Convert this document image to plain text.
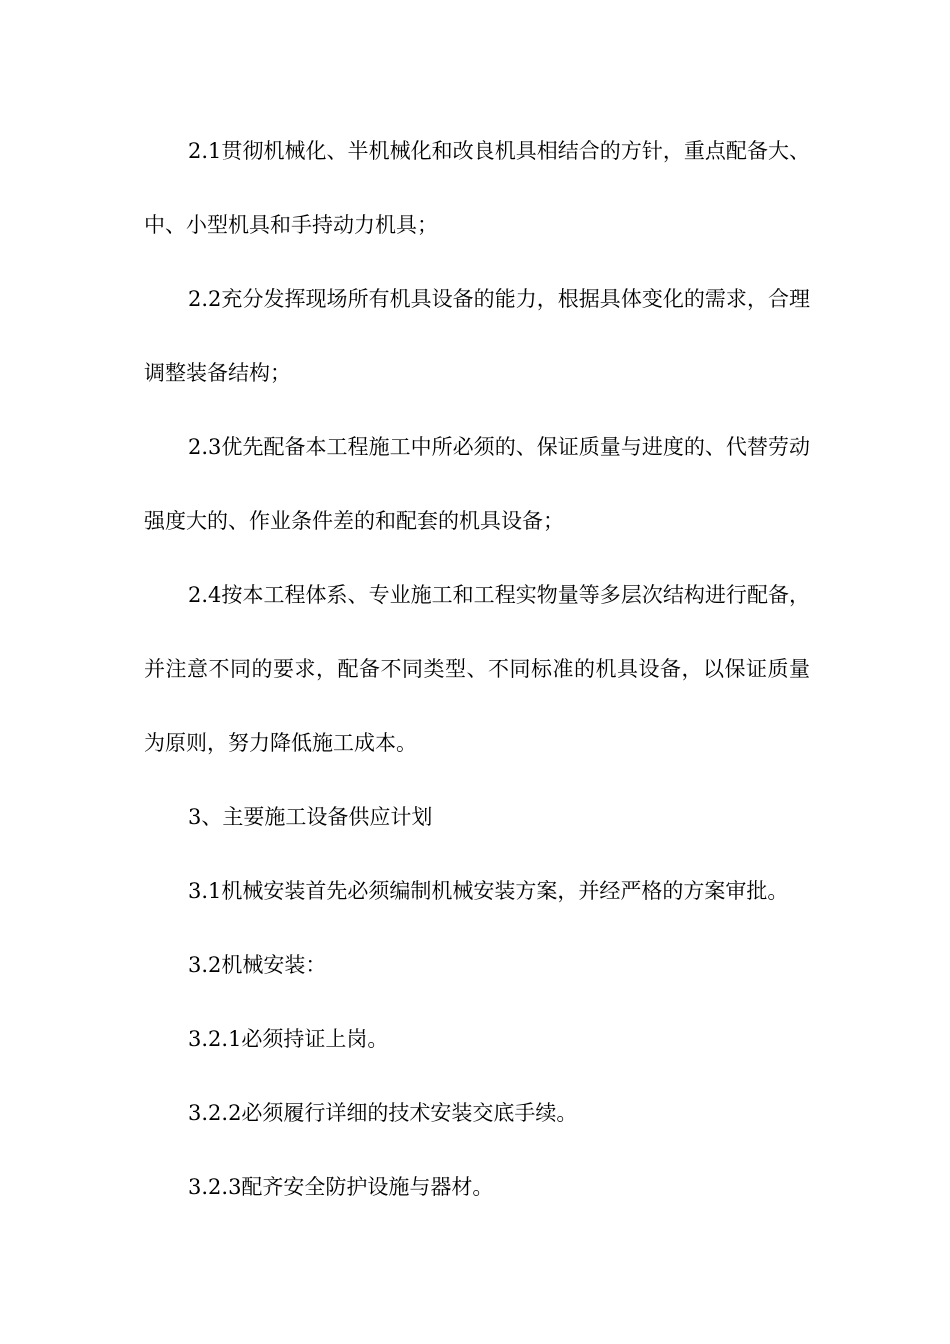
2.1贯彻机械化、半机械化和改良机具相结合的方针，重点配备大、中、小型机具和手持动力机具；

2.2充分发挥现场所有机具设备的能力，根据具体变化的需求，合理调整装备结构；

2.3优先配备本工程施工中所必须的、保证质量与进度的、代替劳动强度大的、作业条件差的和配套的机具设备；

2.4按本工程体系、专业施工和工程实物量等多层次结构进行配备，并注意不同的要求，配备不同类型、不同标准的机具设备，以保证质量为原则，努力降低施工成本。

3、主要施工设备供应计划

3.1机械安装首先必须编制机械安装方案，并经严格的方案审批。

3.2机械安装：

3.2.1必须持证上岗。

3.2.2必须履行详细的技术安装交底手续。

3.2.3配齐安全防护设施与器材。
